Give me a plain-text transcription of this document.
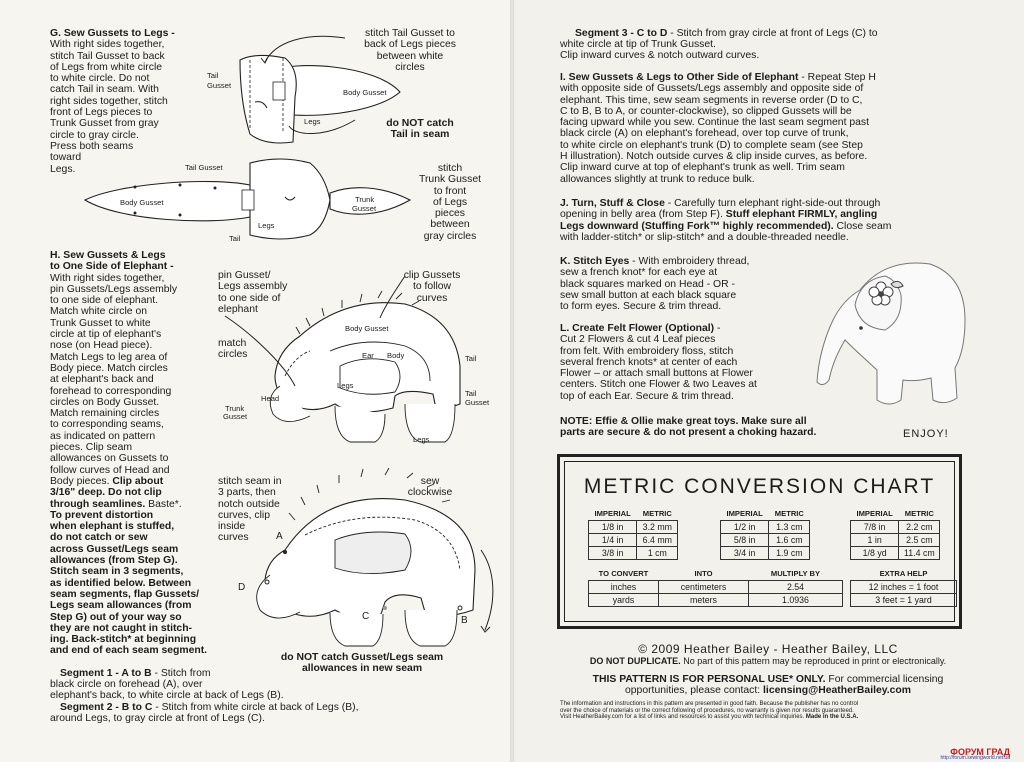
G. Sew Gussets to Legs -
With right sides together,
stitch Tail Gusset to back
of Legs from white circle
to white circle. Do not
catch Tail in seam. With
right sides together, stitch
front of Legs pieces to
Trunk Gusset from gray
circle to gray circle.
Press both seams
toward
Legs.
stitch Tail Gusset to
back of Legs pieces
between white
circles
do NOT catch
Tail in seam
stitch
Trunk Gusset
to front
of Legs
pieces
between
gray circles
Tail
Gusset
Body Gusset
Legs
Tail Gusset
Body Gusset
Legs
Trunk
Gusset
Tail
H. Sew Gussets & Legs
to One Side of Elephant -
With right sides together,
pin Gussets/Legs assembly
to one side of elephant.
Match white circle on
Trunk Gusset to white
circle at tip of elephant's
nose (on Head piece).
Match Legs to leg area of
Body piece. Match circles
at elephant's back and
forehead to corresponding
circles on Body Gusset.
Match remaining circles
to corresponding seams,
as indicated on pattern
pieces. Clip seam
allowances on Gussets to
follow curves of Head and
Body pieces. Clip about
3/16" deep. Do not clip
through seamlines. Baste*.
To prevent distortion
when elephant is stuffed,
do not catch or sew
across Gusset/Legs seam
allowances (from Step G).
Stitch seam in 3 segments,
as identified below. Between
seam segments, flap Gussets/
Legs seam allowances (from
Step G) out of your way so
they are not caught in stitch-
ing. Back-stitch* at beginning
and end of each seam segment.
pin Gusset/
Legs assembly
to one side of
elephant
clip Gussets
to follow
curves
match
circles
Body Gusset
Ear Body
Legs
Head
Trunk
Gusset
Tail
Tail
Gusset
Legs
stitch seam in
3 parts, then
notch outside
curves, clip
inside
curves
sew
clockwise
A
B
C
D
do NOT catch Gusset/Legs seam
allowances in new seam
Segment 1 - A to B - Stitch from
black circle on forehead (A), over
elephant's back, to white circle at back of Legs (B).
Segment 2 - B to C - Stitch from white circle at back of Legs (B),
around Legs, to gray circle at front of Legs (C).
Segment 3 - C to D - Stitch from gray circle at front of Legs (C) to
white circle at tip of Trunk Gusset.
Clip inward curves & notch outward curves.
I. Sew Gussets & Legs to Other Side of Elephant - Repeat Step H
with opposite side of Gussets/Legs assembly and opposite side of
elephant. This time, sew seam segments in reverse order (D to C,
C to B, B to A, or counter-clockwise), so clipped Gussets will be
facing upward while you sew. Continue the last seam segment past
black circle (A) on elephant's forehead, over top curve of trunk,
to white circle on elephant's trunk (D) to complete seam (see Step
H illustration). Notch outside curves & clip inside curves, as before.
Clip inward curve at top of elephant's trunk as well. Trim seam
allowances slightly at trunk to reduce bulk.
J. Turn, Stuff & Close - Carefully turn elephant right-side-out through
opening in belly area (from Step F). Stuff elephant FIRMLY, angling
Legs downward (Stuffing Fork™ highly recommended). Close seam
with ladder-stitch* or slip-stitch* and a double-threaded needle.
K. Stitch Eyes - With embroidery thread,
sew a french knot* for each eye at
black squares marked on Head - OR -
sew small button at each black square
to form eyes. Secure & trim thread.
L. Create Felt Flower (Optional) -
Cut 2 Flowers & cut 4 Leaf pieces
from felt. With embroidery floss, stitch
several french knots* at center of each
Flower – or attach small buttons at Flower
centers. Stitch one Flower & two Leaves at
top of each Ear. Secure & trim thread.
NOTE: Effie & Ollie make great toys. Make sure all
parts are secure & do not present a choking hazard.	ENJOY!
METRIC CONVERSION CHART
IMPERIAL	METRIC
1/8 in	3.2 mm
1/4 in	6.4 mm
3/8 in	1 cm
IMPERIAL	METRIC
1/2 in	1.3 cm
5/8 in	1.6 cm
3/4 in	1.9 cm
IMPERIAL	METRIC
7/8 in	2.2 cm
1 in	2.5 cm
1/8 yd	11.4 cm
TO CONVERT	INTO	MULTIPLY BY
inches	centimeters	2.54
yards	meters	1.0936
EXTRA HELP
12 inches = 1 foot
3 feet = 1 yard
© 2009 Heather Bailey - Heather Bailey, LLC
DO NOT DUPLICATE. No part of this pattern may be reproduced in print or electronically.
THIS PATTERN IS FOR PERSONAL USE* ONLY. For commercial licensing
opportunities, please contact: licensing@HeatherBailey.com
The information and instructions in this pattern are presented in good faith. Because the publisher has no control
over the choice of materials or the correct following of procedures, no warranty is given nor results guaranteed.
Visit HeatherBailey.com for a list of links and resources to assist you with technical inquiries. Made in the U.S.A.
ФОРУМ ГРАД
http://forum.sewingworld.net.ua
